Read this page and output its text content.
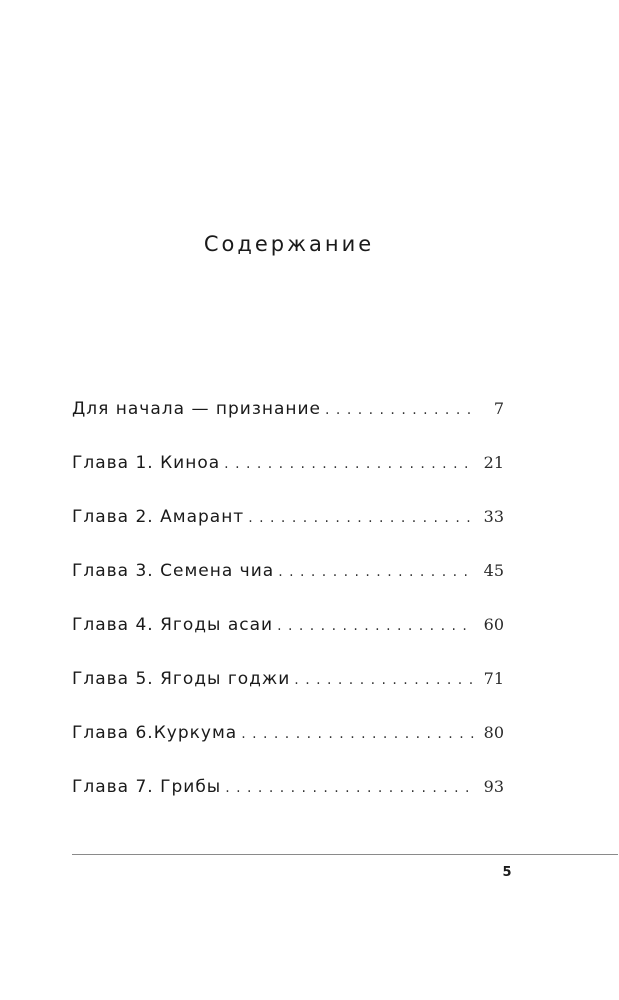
Содержание
Для начала — признание . . .	7
Глава 1. Киноа . . .	21
Глава 2. Амарант . . .	33
Глава 3. Семена чиа . . .	45
Глава 4. Ягоды асаи . . .	60
Глава 5. Ягоды годжи . . .	71
Глава 6.Куркума . . .	80
Глава 7. Грибы . . .	93
5
